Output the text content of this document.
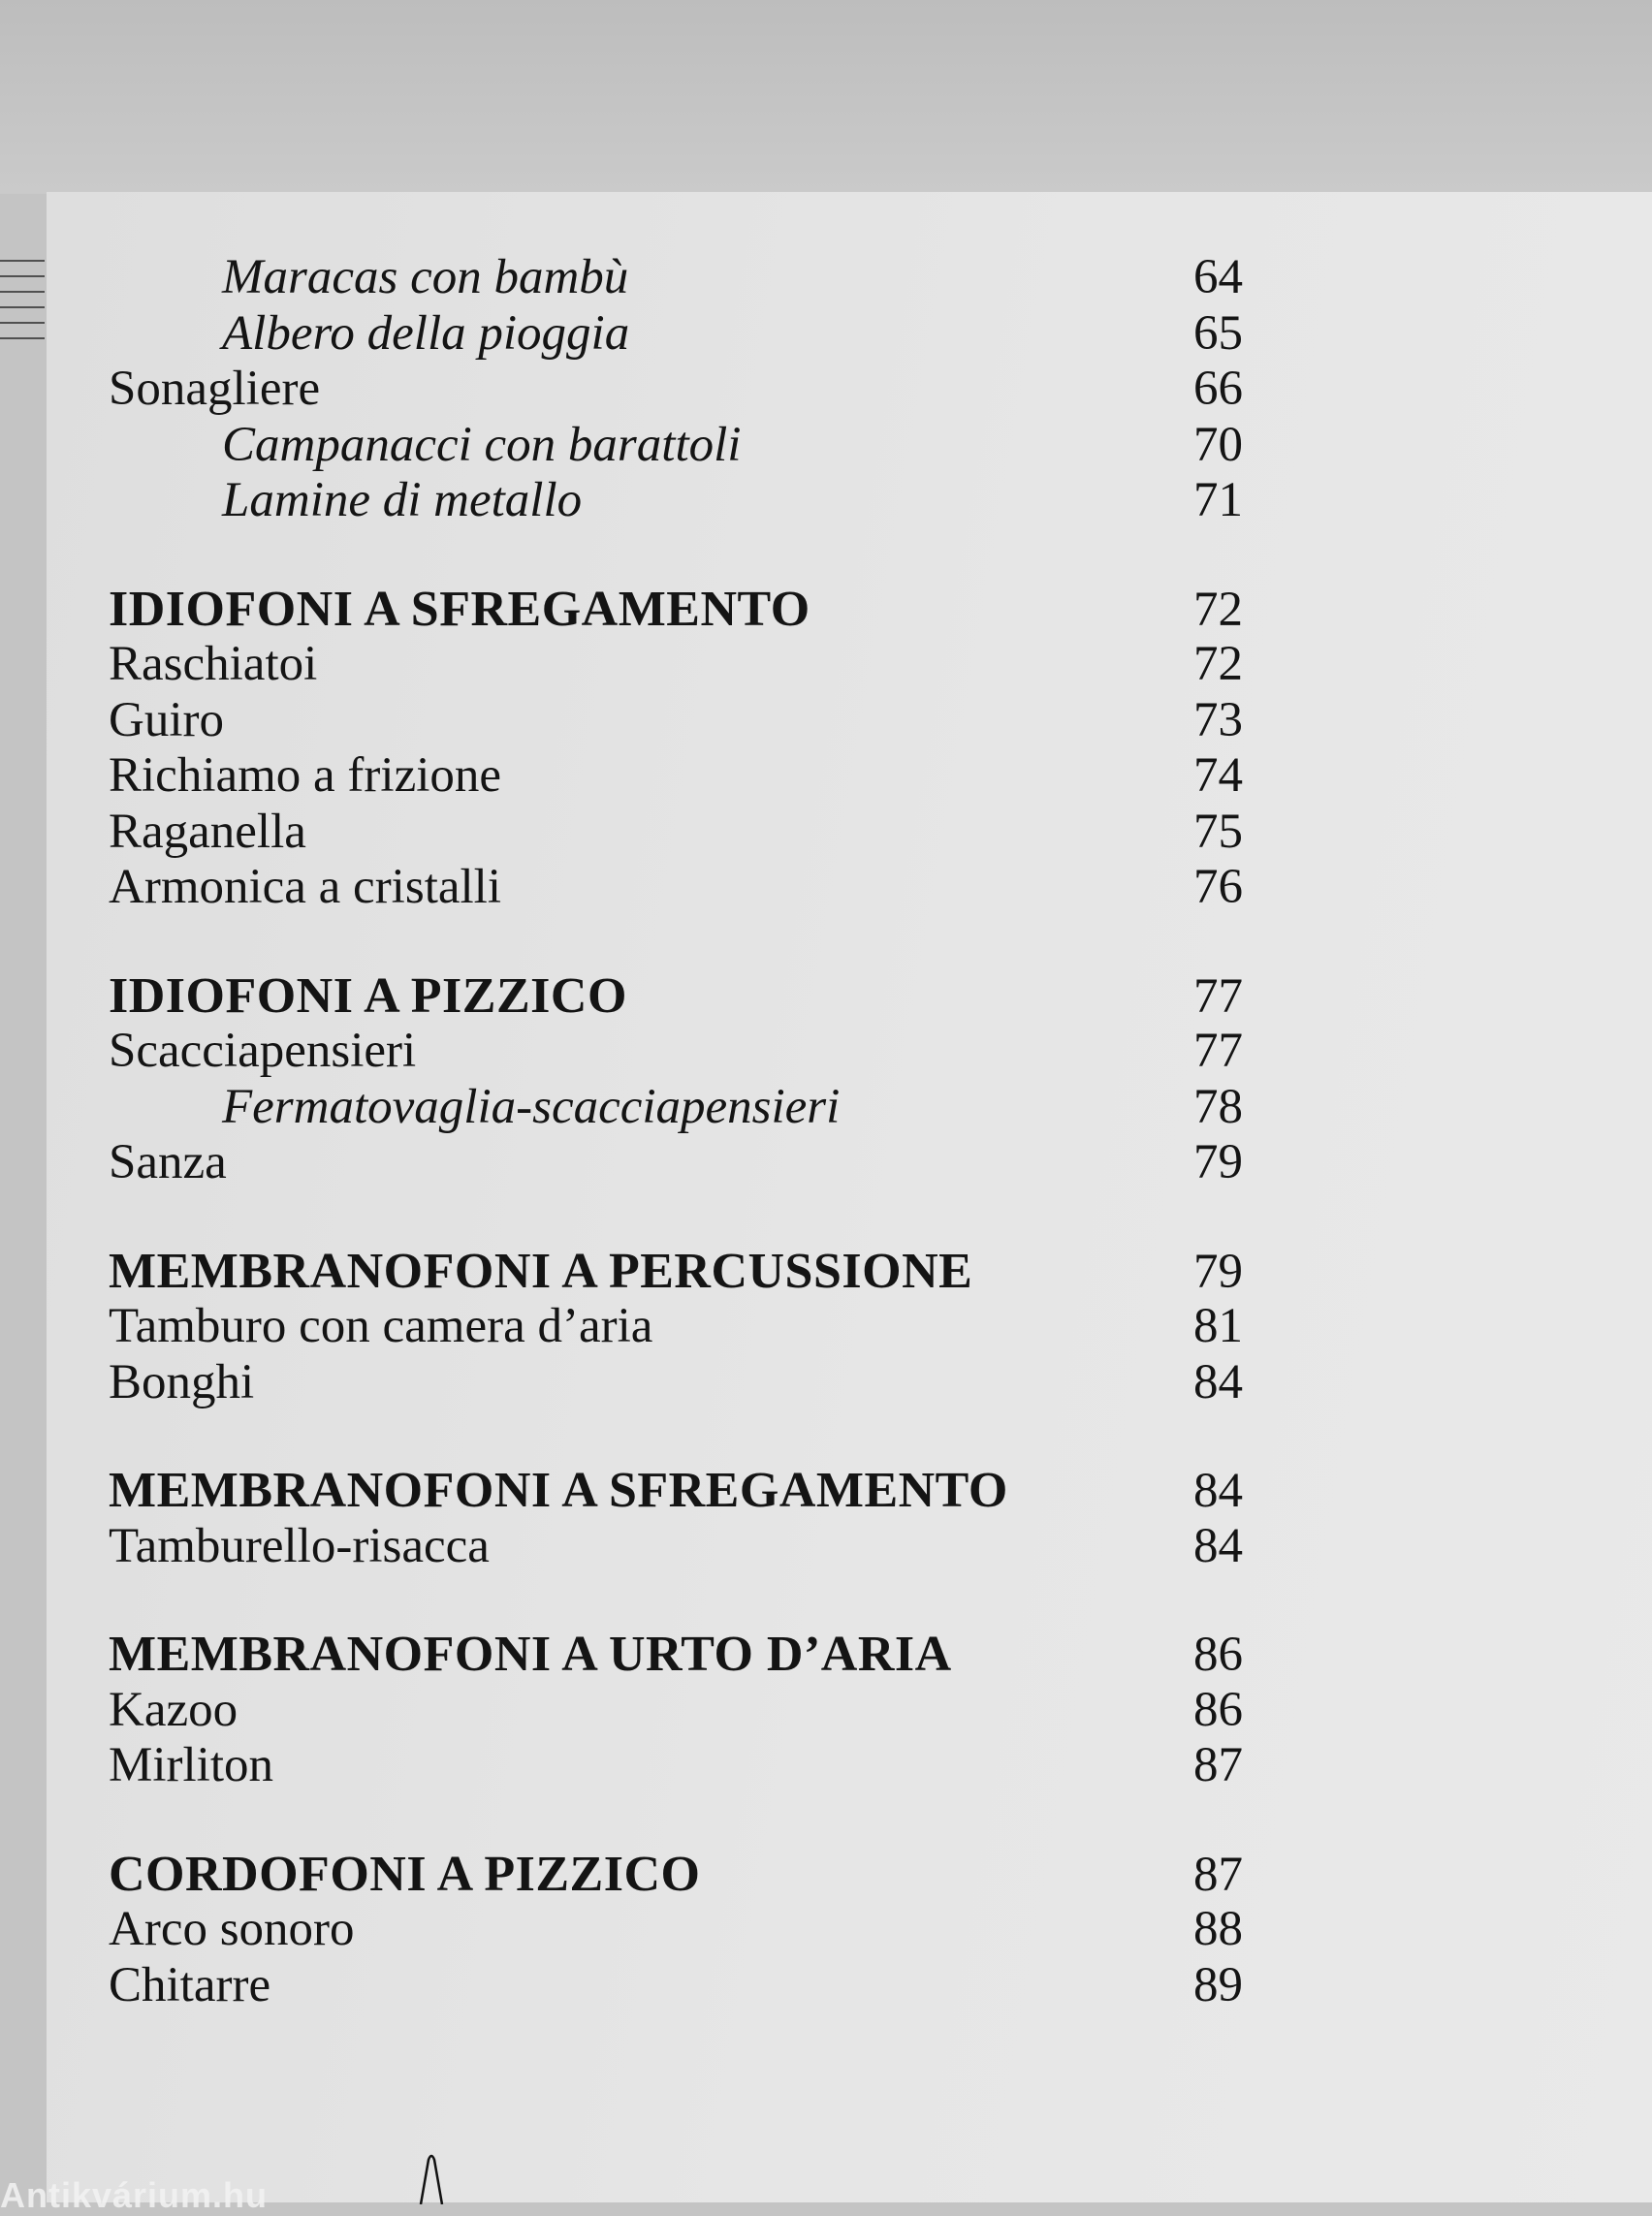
Maracas con bambù	64
Albero della pioggia	65
Sonagliere	66
Campanacci con barattoli	70
Lamine di metallo	71
IDIOFONI A SFREGAMENTO	72
Raschiatoi	72
Guiro	73
Richiamo a frizione	74
Raganella	75
Armonica a cristalli	76
IDIOFONI A PIZZICO	77
Scacciapensieri	77
Fermatovaglia-scacciapensieri	78
Sanza	79
MEMBRANOFONI A PERCUSSIONE	79
Tamburo con camera d’aria	81
Bonghi	84
MEMBRANOFONI A SFREGAMENTO	84
Tamburello-risacca	84
MEMBRANOFONI A URTO D’ARIA	86
Kazoo	86
Mirliton	87
CORDOFONI A PIZZICO	87
Arco sonoro	88
Chitarre	89
Antikvárium.hu
